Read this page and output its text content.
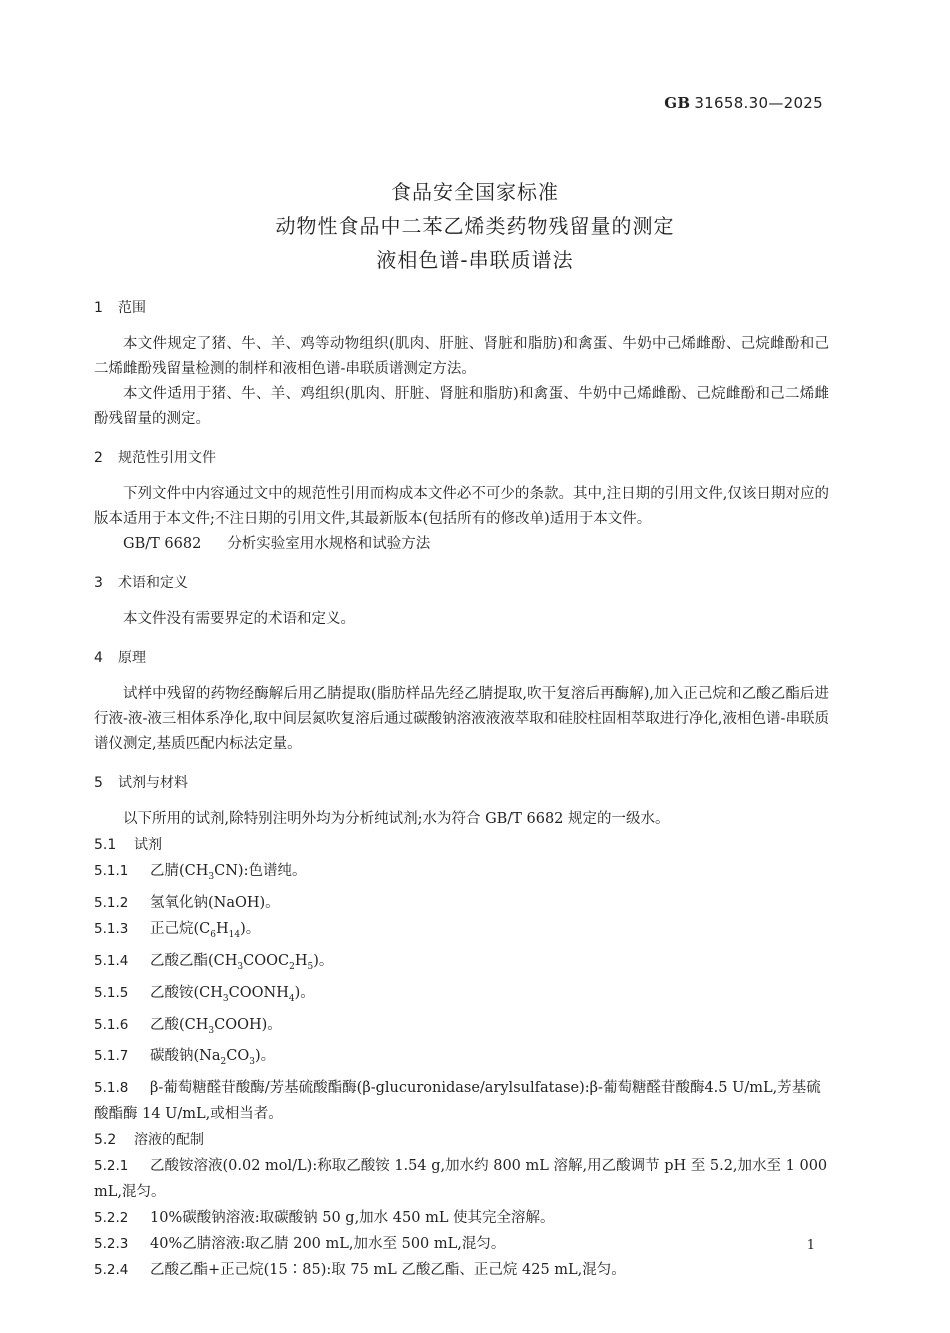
GB 31658.30—2025
食品安全国家标准
动物性食品中二苯乙烯类药物残留量的测定
液相色谱-串联质谱法
1 范围

本文件规定了猪、牛、羊、鸡等动物组织(肌肉、肝脏、肾脏和脂肪)和禽蛋、牛奶中己烯雌酚、己烷雌酚和己二烯雌酚残留量检测的制样和液相色谱-串联质谱测定方法。

本文件适用于猪、牛、羊、鸡组织(肌肉、肝脏、肾脏和脂肪)和禽蛋、牛奶中己烯雌酚、己烷雌酚和己二烯雌酚残留量的测定。

2 规范性引用文件

下列文件中内容通过文中的规范性引用而构成本文件必不可少的条款。其中,注日期的引用文件,仅该日期对应的版本适用于本文件;不注日期的引用文件,其最新版本(包括所有的修改单)适用于本文件。

GB/T 6682 分析实验室用水规格和试验方法
3 术语和定义

本文件没有需要界定的术语和定义。

4 原理

试样中残留的药物经酶解后用乙腈提取(脂肪样品先经乙腈提取,吹干复溶后再酶解),加入正己烷和乙酸乙酯后进行液-液-液三相体系净化,取中间层氮吹复溶后通过碳酸钠溶液液液萃取和硅胶柱固相萃取进行净化,液相色谱-串联质谱仪测定,基质匹配内标法定量。

5 试剂与材料

以下所用的试剂,除特别注明外均为分析纯试剂;水为符合 GB/T 6682 规定的一级水。

5.1 试剂
5.1.1 乙腈$(CH_3CN)$:色谱纯。
5.1.2 氢氧化钠(NaOH)。
5.1.3 正己烷$(C_6H_{14})$。
5.1.4 乙酸乙酯$(CH_3COOC_2H_5)$。
5.1.5 乙酸铵$(CH_3COONH_4)$。
5.1.6 乙酸$(CH_3COOH)$。
5.1.7 碳酸钠$(Na_2CO_3)$。
5.1.8 β-葡萄糖醛苷酸酶/芳基硫酸酯酶(β-glucuronidase/arylsulfatase):β-葡萄糖醛苷酸酶4.5 U/mL,芳基硫酸酯酶 14 U/mL,或相当者。
5.2 溶液的配制
5.2.1 乙酸铵溶液(0.02 mol/L):称取乙酸铵 1.54 g,加水约 800 mL 溶解,用乙酸调节 pH 至 5.2,加水至 1 000 mL,混匀。
5.2.2 10%碳酸钠溶液:取碳酸钠 50 g,加水 450 mL 使其完全溶解。
5.2.3 40%乙腈溶液:取乙腈 200 mL,加水至 500 mL,混匀。
5.2.4 乙酸乙酯+正己烷(15∶85):取 75 mL 乙酸乙酯、正己烷 425 mL,混匀。
1
